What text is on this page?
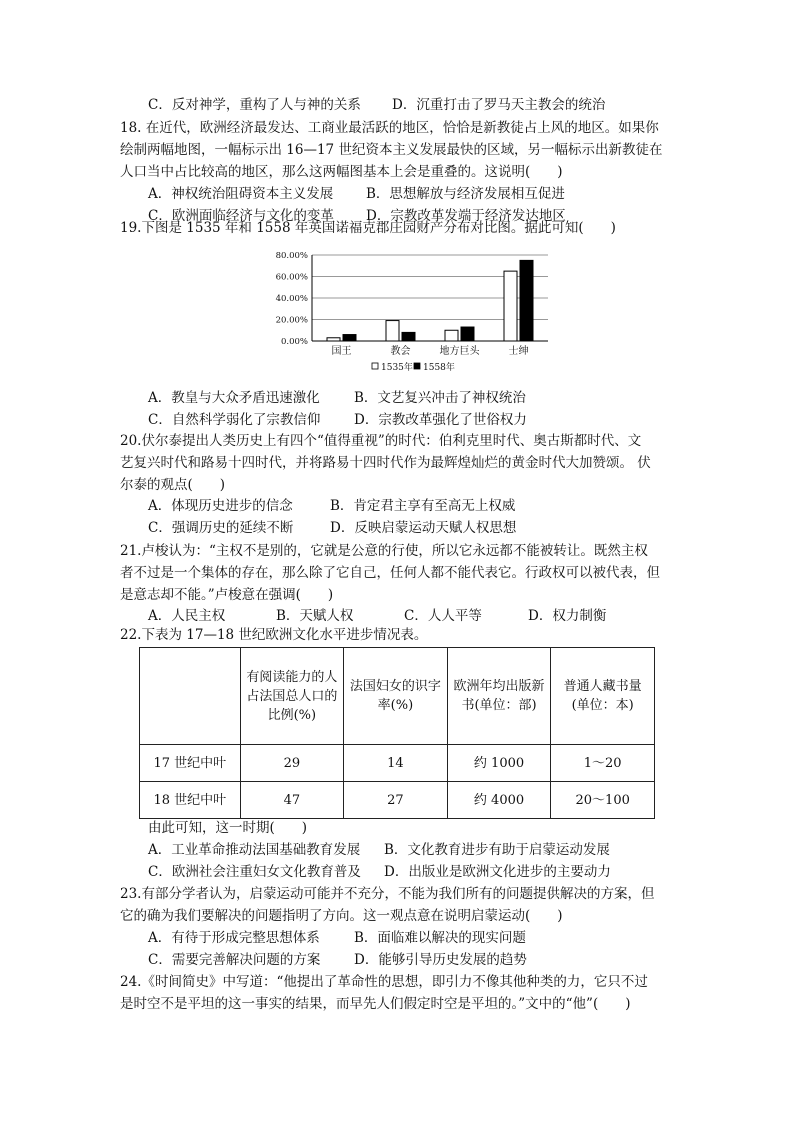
C．反对神学，重构了人与神的关系 D．沉重打击了罗马天主教会的统治
18. 在近代，欧洲经济最发达、工商业最活跃的地区，恰恰是新教徒占上风的地区。如果你
绘制两幅地图，一幅标示出 16—17 世纪资本主义发展最快的区域，另一幅标示出新教徒在
人口当中占比较高的地区，那么这两幅图基本上会是重叠的。这说明(　　)
A．神权统治阻碍资本主义发展 B．思想解放与经济发展相互促进
C．欧洲面临经济与文化的变革 D．宗教改革发端于经济发达地区
19.下图是 1535 年和 1558 年英国诺福克郡庄园财产分布对比图。据此可知(　　)
80.00%
60.00%
40.00%
20.00%
0.00%
国王	教会	地方巨头	士绅
1535年 1558年
A．教皇与大众矛盾迅速激化	B．文艺复兴冲击了神权统治
C．自然科学弱化了宗教信仰 D．宗教改革强化了世俗权力
20.伏尔泰提出人类历史上有四个“值得重视”的时代：伯利克里时代、奥古斯都时代、文
艺复兴时代和路易十四时代，并将路易十四时代作为最辉煌灿烂的黄金时代大加赞颂。 伏
尔泰的观点(　　)
A．体现历史进步的信念	B．肯定君主享有至高无上权威
C．强调历史的延续不断	D．反映启蒙运动天赋人权思想
21.卢梭认为：“主权不是别的，它就是公意的行使，所以它永远都不能被转让。既然主权
者不过是一个集体的存在，那么除了它自己，任何人都不能代表它。行政权可以被代表，但
是意志却不能。”卢梭意在强调(　　)
A．人民主权	B．天赋人权	C．人人平等	D．权力制衡
22.下表为 17—18 世纪欧洲文化水平进步情况表。
	有阅读能力的人占法国总人口的比例(%)	法国妇女的识字率(%)	欧洲年均出版新书(单位：部)	普通人藏书量(单位：本)
17 世纪中叶	29	14	约 1000	1～20
18 世纪中叶	47	27	约 4000	20～100
由此可知，这一时期(　　)
A．工业革命推动法国基础教育发展 B．文化教育进步有助于启蒙运动发展
C．欧洲社会注重妇女文化教育普及 D．出版业是欧洲文化进步的主要动力
23.有部分学者认为，启蒙运动可能并不充分，不能为我们所有的问题提供解决的方案，但
它的确为我们要解决的问题指明了方向。这一观点意在说明启蒙运动(　　)
A．有待于形成完整思想体系	B．面临难以解决的现实问题
C．需要完善解决问题的方案 D．能够引导历史发展的趋势
24.《时间简史》中写道：“他提出了革命性的思想，即引力不像其他种类的力，它只不过
是时空不是平坦的这一事实的结果，而早先人们假定时空是平坦的。”文中的“他”(　　)
